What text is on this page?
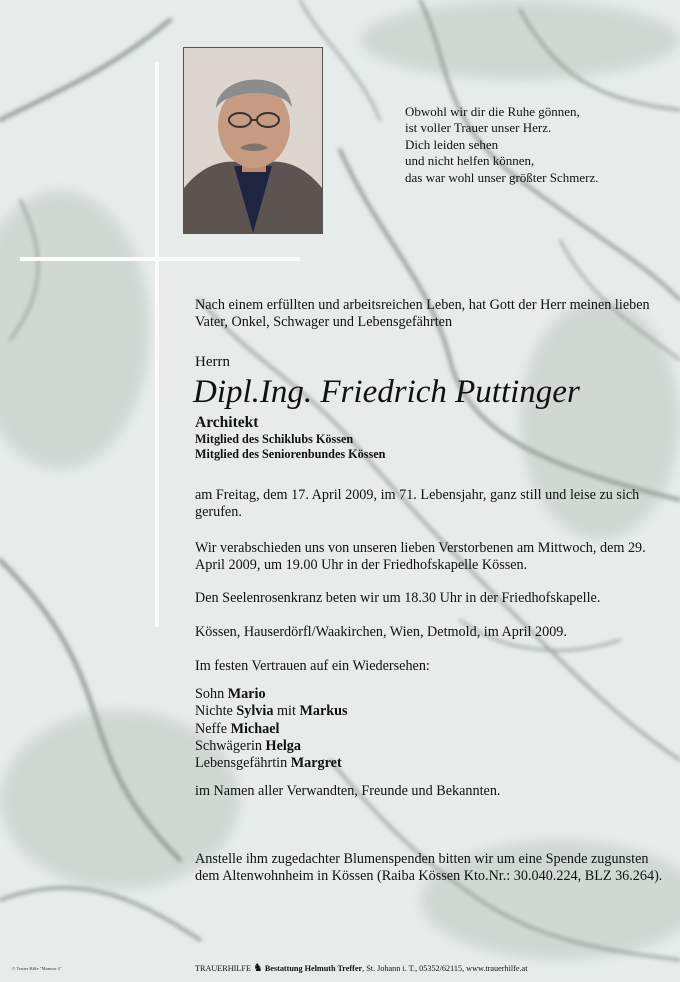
Obwohl wir dir die Ruhe gönnen,
ist voller Trauer unser Herz.
Dich leiden sehen
und nicht helfen können,
das war wohl unser größter Schmerz.
Nach einem erfüllten und arbeitsreichen Leben, hat Gott der Herr meinen lieben Vater, Onkel, Schwager und Lebensgefährten
Herrn
Dipl.Ing. Friedrich Puttinger
Architekt
Mitglied des Schiklubs Kössen
Mitglied des Seniorenbundes Kössen
am Freitag, dem 17. April 2009, im 71. Lebensjahr, ganz still und leise zu sich gerufen.
Wir verabschieden uns von unseren lieben Verstorbenen am Mittwoch, dem 29. April 2009, um 19.00 Uhr in der Friedhofskapelle Kössen.
Den Seelenrosenkranz beten wir um 18.30 Uhr in der Friedhofskapelle.
Kössen, Hauserdörfl/Waakirchen, Wien, Detmold, im April 2009.
Im festen Vertrauen auf ein Wiedersehen:
Sohn Mario
Nichte Sylvia mit Markus
Neffe Michael
Schwägerin Helga
Lebensgefährtin Margret
im Namen aller Verwandten, Freunde und Bekannten.
Anstelle ihm zugedachter Blumenspenden bitten wir um eine Spende zugunsten dem Altenwohnheim in Kössen (Raiba Kössen Kto.Nr.: 30.040.224, BLZ 36.264).
TRAUERHILFE ♞ Bestattung Helmuth Treffer, St. Johann i. T., 05352/62115, www.trauerhilfe.at
© Trauer Hilfe "Marmor 4"
